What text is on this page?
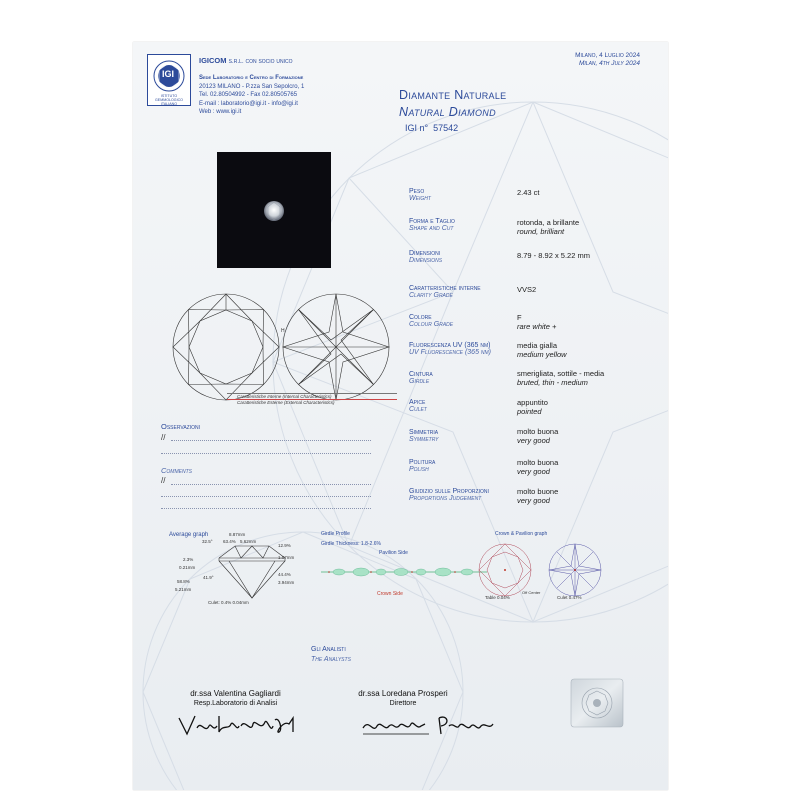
IGI
ISTITUTO GEMMOLOGICO ITALIANO
IGICOM s.r.l. con socio unico
Sede Laboratorio e Centro di Formazione
20123 MILANO - P.zza San Sepolcro, 1
Tel. 02.80504992 - Fax 02.80505765
E-mail : laboratorio@igi.it - info@igi.it
Web : www.igi.it
Milano, 4 Luglio 2024
Milan, 4th July 2024
Diamante Naturale
Natural Diamond
IGI n° 57542
H
Caratteristiche Interne (Internal Characteristics)
Caratteristiche Esterne (External Characteristics)
Peso
Weight
2.43 ct
Forma e Taglio
Shape and Cut
rotonda, a brillante
round, brilliant
Dimensioni
Dimensions
8.79 - 8.92 x 5.22 mm
Caratteristiche interne
Clarity Grade
VVS2
Colore
Colour Grade
F
rare white +
Fluorescenza UV (365 nm)
UV Fluorescence (365 nm)
media gialla
medium yellow
Cintura
Girdle
smerigliata, sottile - media
bruted, thin - medium
Apice
Culet
appuntito
pointed
Simmetria
Symmetry
molto buona
very good
Politura
Polish
molto buona
very good
Giudizio sulle Proporzioni
Proportions Judgement
molto buone
very good
Osservazioni
//
Comments
//
Average graph	8.87mm
32.5° 63.4% 5.62mm
12.9%
1.07mm
2.3%
0.21mm
41.9°
44.4%
3.94mm
58.8%
5.21mm
Culet: 0.4% 0.04mm
Girdle Profile
Girdle Thickness: 1.8-2.6%
Pavilion Side
Crown Side
Crown & Pavilion graph
Table 0.04%
Off Center
Culet 0.47%
Gli Analisti
The Analysts
dr.ssa Valentina Gagliardi
Resp.Laboratorio di Analisi
dr.ssa Loredana Prosperi
Direttore
